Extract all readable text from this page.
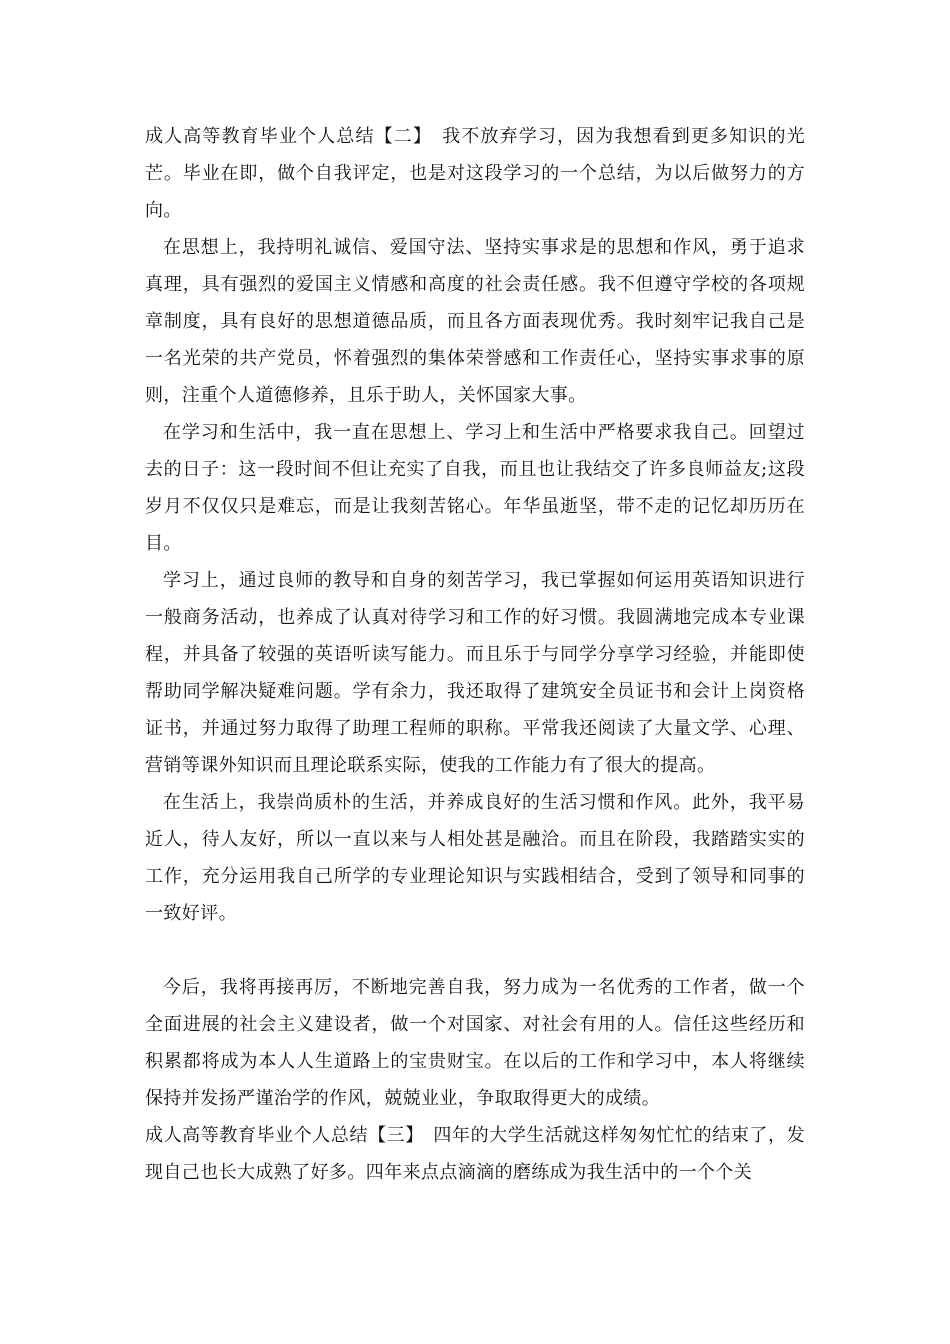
成人高等教育毕业个人总结【二】　我不放弃学习，因为我想看到更多知识的光芒。毕业在即，做个自我评定，也是对这段学习的一个总结，为以后做努力的方向。

在思想上，我持明礼诚信、爱国守法、坚持实事求是的思想和作风，勇于追求真理，具有强烈的爱国主义情感和高度的社会责任感。我不但遵守学校的各项规章制度，具有良好的思想道德品质，而且各方面表现优秀。我时刻牢记我自己是一名光荣的共产党员，怀着强烈的集体荣誉感和工作责任心，坚持实事求事的原则，注重个人道德修养，且乐于助人，关怀国家大事。

在学习和生活中，我一直在思想上、学习上和生活中严格要求我自己。回望过去的日子：这一段时间不但让充实了自我，而且也让我结交了许多良师益友;这段岁月不仅仅只是难忘，而是让我刻苦铭心。年华虽逝坚，带不走的记忆却历历在目。

学习上，通过良师的教导和自身的刻苦学习，我已掌握如何运用英语知识进行一般商务活动，也养成了认真对待学习和工作的好习惯。我圆满地完成本专业课程，并具备了较强的英语听读写能力。而且乐于与同学分享学习经验，并能即使帮助同学解决疑难问题。学有余力，我还取得了建筑安全员证书和会计上岗资格证书，并通过努力取得了助理工程师的职称。平常我还阅读了大量文学、心理、营销等课外知识而且理论联系实际，使我的工作能力有了很大的提高。

在生活上，我崇尚质朴的生活，并养成良好的生活习惯和作风。此外，我平易近人，待人友好，所以一直以来与人相处甚是融洽。而且在阶段，我踏踏实实的工作，充分运用我自己所学的专业理论知识与实践相结合，受到了领导和同事的一致好评。

今后，我将再接再厉，不断地完善自我，努力成为一名优秀的工作者，做一个全面进展的社会主义建设者，做一个对国家、对社会有用的人。信任这些经历和积累都将成为本人人生道路上的宝贵财宝。在以后的工作和学习中，本人将继续保持并发扬严谨治学的作风，兢兢业业，争取取得更大的成绩。

成人高等教育毕业个人总结【三】　四年的大学生活就这样匆匆忙忙的结束了，发现自己也长大成熟了好多。四年来点点滴滴的磨练成为我生活中的一个个关
